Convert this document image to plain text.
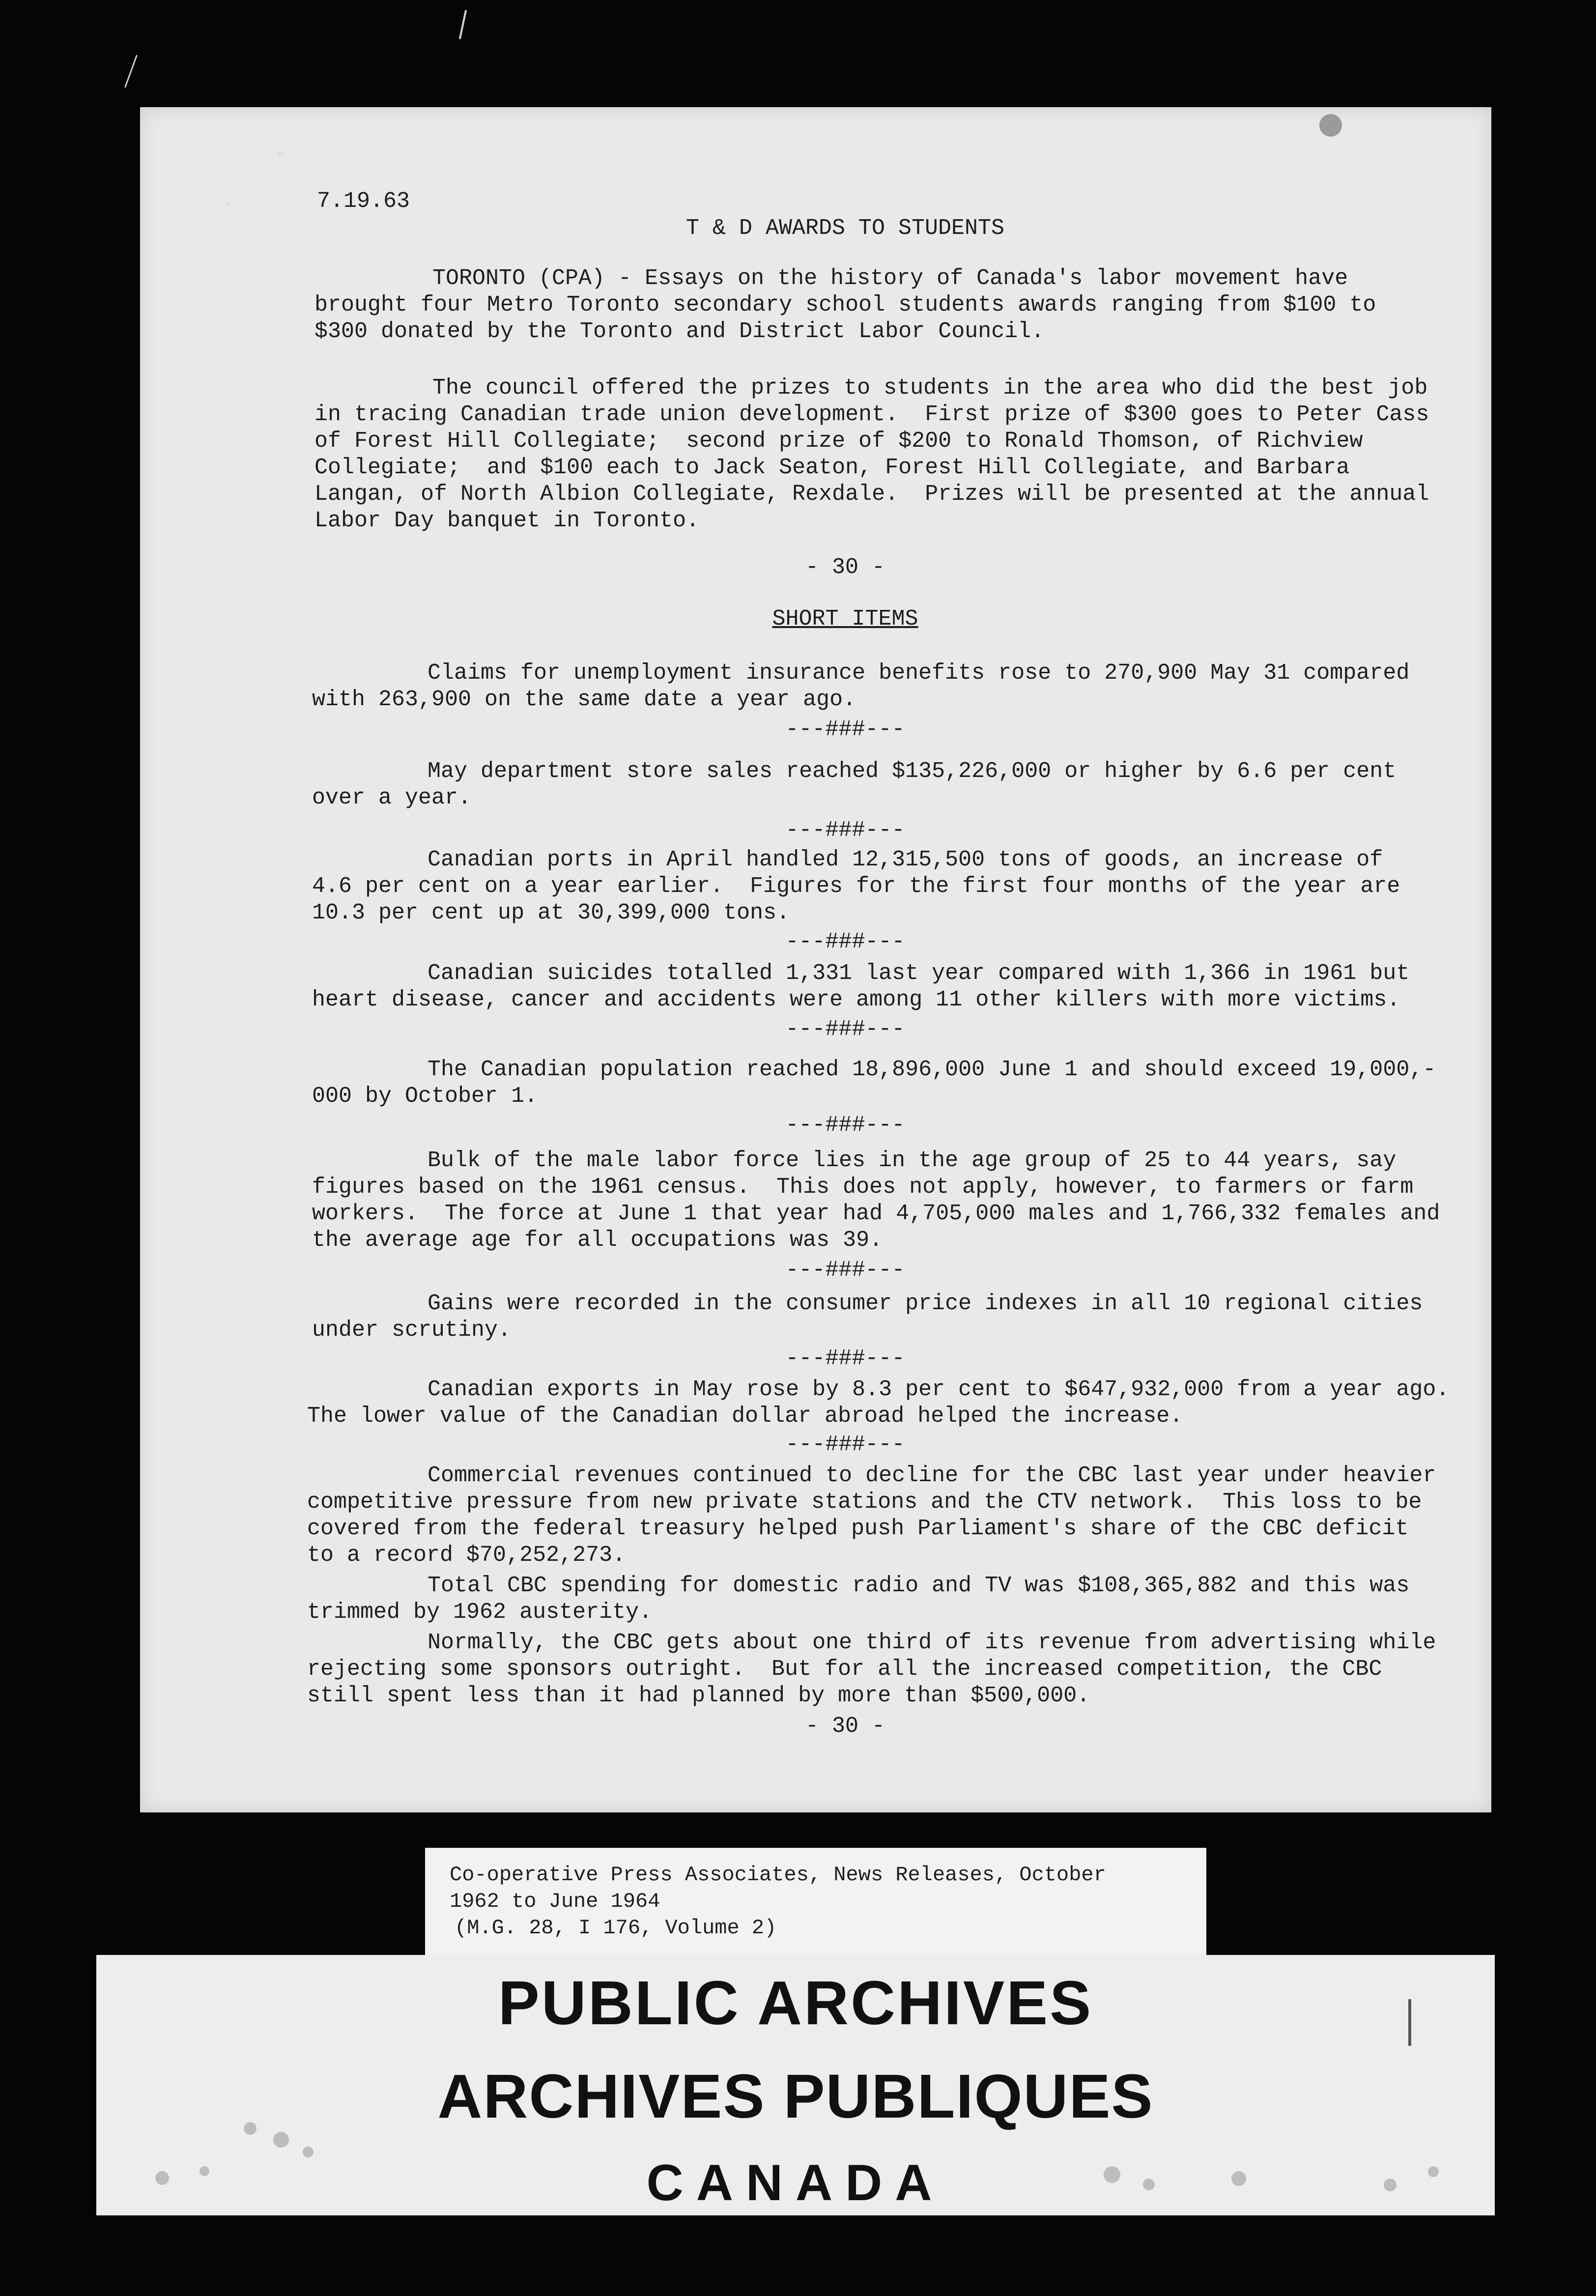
7.19.63

T & D AWARDS TO STUDENTS

TORONTO (CPA) - Essays on the history of Canada's labor movement have

brought four Metro Toronto secondary school students awards ranging from $100 to

$300 donated by the Toronto and District Labor Council.

The council offered the prizes to students in the area who did the best job

in tracing Canadian trade union development.  First prize of $300 goes to Peter Cass

of Forest Hill Collegiate;  second prize of $200 to Ronald Thomson, of Richview

Collegiate;  and $100 each to Jack Seaton, Forest Hill Collegiate, and Barbara

Langan, of North Albion Collegiate, Rexdale.  Prizes will be presented at the annual

Labor Day banquet in Toronto.

- 30 -

SHORT ITEMS

Claims for unemployment insurance benefits rose to 270,900 May 31 compared

with 263,900 on the same date a year ago.

---###---

May department store sales reached $135,226,000 or higher by 6.6 per cent

over a year.

---###---

Canadian ports in April handled 12,315,500 tons of goods, an increase of

4.6 per cent on a year earlier.  Figures for the first four months of the year are

10.3 per cent up at 30,399,000 tons.

---###---

Canadian suicides totalled 1,331 last year compared with 1,366 in 1961 but

heart disease, cancer and accidents were among 11 other killers with more victims.

---###---

The Canadian population reached 18,896,000 June 1 and should exceed 19,000,-

000 by October 1.

---###---

Bulk of the male labor force lies in the age group of 25 to 44 years, say

figures based on the 1961 census.  This does not apply, however, to farmers or farm

workers.  The force at June 1 that year had 4,705,000 males and 1,766,332 females and

the average age for all occupations was 39.

---###---

Gains were recorded in the consumer price indexes in all 10 regional cities

under scrutiny.

---###---

Canadian exports in May rose by 8.3 per cent to $647,932,000 from a year ago.

The lower value of the Canadian dollar abroad helped the increase.

---###---

Commercial revenues continued to decline for the CBC last year under heavier

competitive pressure from new private stations and the CTV network.  This loss to be

covered from the federal treasury helped push Parliament's share of the CBC deficit

to a record $70,252,273.

Total CBC spending for domestic radio and TV was $108,365,882 and this was

trimmed by 1962 austerity.

Normally, the CBC gets about one third of its revenue from advertising while

rejecting some sponsors outright.  But for all the increased competition, the CBC

still spent less than it had planned by more than $500,000.

- 30 -

Co-operative Press Associates, News Releases, October

1962 to June 1964

(M.G. 28, I 176, Volume 2)

PUBLIC ARCHIVES

ARCHIVES PUBLIQUES

CANADA
